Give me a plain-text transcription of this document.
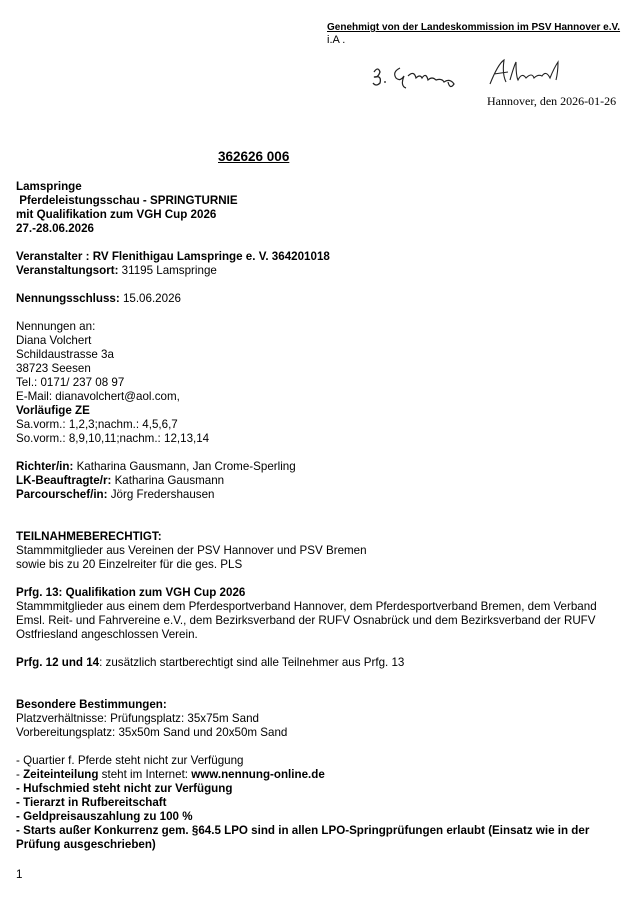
Genehmigt von der Landeskommission im PSV Hannover e.V.
i.A .
Hannover, den 2026-01-26
362626 006
Lamspringe
Pferdeleistungsschau - SPRINGTURNIE
mit Qualifikation zum VGH Cup 2026
27.-28.06.2026
Veranstalter : RV Flenithigau Lamspringe e. V. 364201018
Veranstaltungsort: 31195 Lamspringe
Nennungsschluss: 15.06.2026
Nennungen an:
Diana Volchert
Schildaustrasse 3a
38723 Seesen
Tel.: 0171/ 237 08 97
E-Mail: dianavolchert@aol.com,
Vorläufige ZE
Sa.vorm.: 1,2,3;nachm.: 4,5,6,7
So.vorm.: 8,9,10,11;nachm.: 12,13,14
Richter/in: Katharina Gausmann, Jan Crome-Sperling
LK-Beauftragte/r: Katharina Gausmann
Parcourschef/in: Jörg Fredershausen
TEILNAHMEBERECHTIGT:
Stammmitglieder aus Vereinen der PSV Hannover und PSV Bremen
sowie bis zu 20 Einzelreiter für die ges. PLS
Prfg. 13: Qualifikation zum VGH Cup 2026
Stammmitglieder aus einem dem Pferdesportverband Hannover, dem Pferdesportverband Bremen, dem Verband Emsl. Reit- und Fahrvereine e.V., dem Bezirksverband der RUFV Osnabrück und dem Bezirksverband der RUFV Ostfriesland angeschlossen Verein.
Prfg. 12 und 14: zusätzlich startberechtigt sind alle Teilnehmer aus Prfg. 13
Besondere Bestimmungen:
Platzverhältnisse: Prüfungsplatz: 35x75m Sand
Vorbereitungsplatz: 35x50m Sand und 20x50m Sand
- Quartier f. Pferde steht nicht zur Verfügung
- Zeiteinteilung steht im Internet: www.nennung-online.de
- Hufschmied steht nicht zur Verfügung
- Tierarzt in Rufbereitschaft
- Geldpreisauszahlung zu 100 %
- Starts außer Konkurrenz gem. §64.5 LPO sind in allen LPO-Springprüfungen erlaubt (Einsatz wie in der Prüfung ausgeschrieben)
1
